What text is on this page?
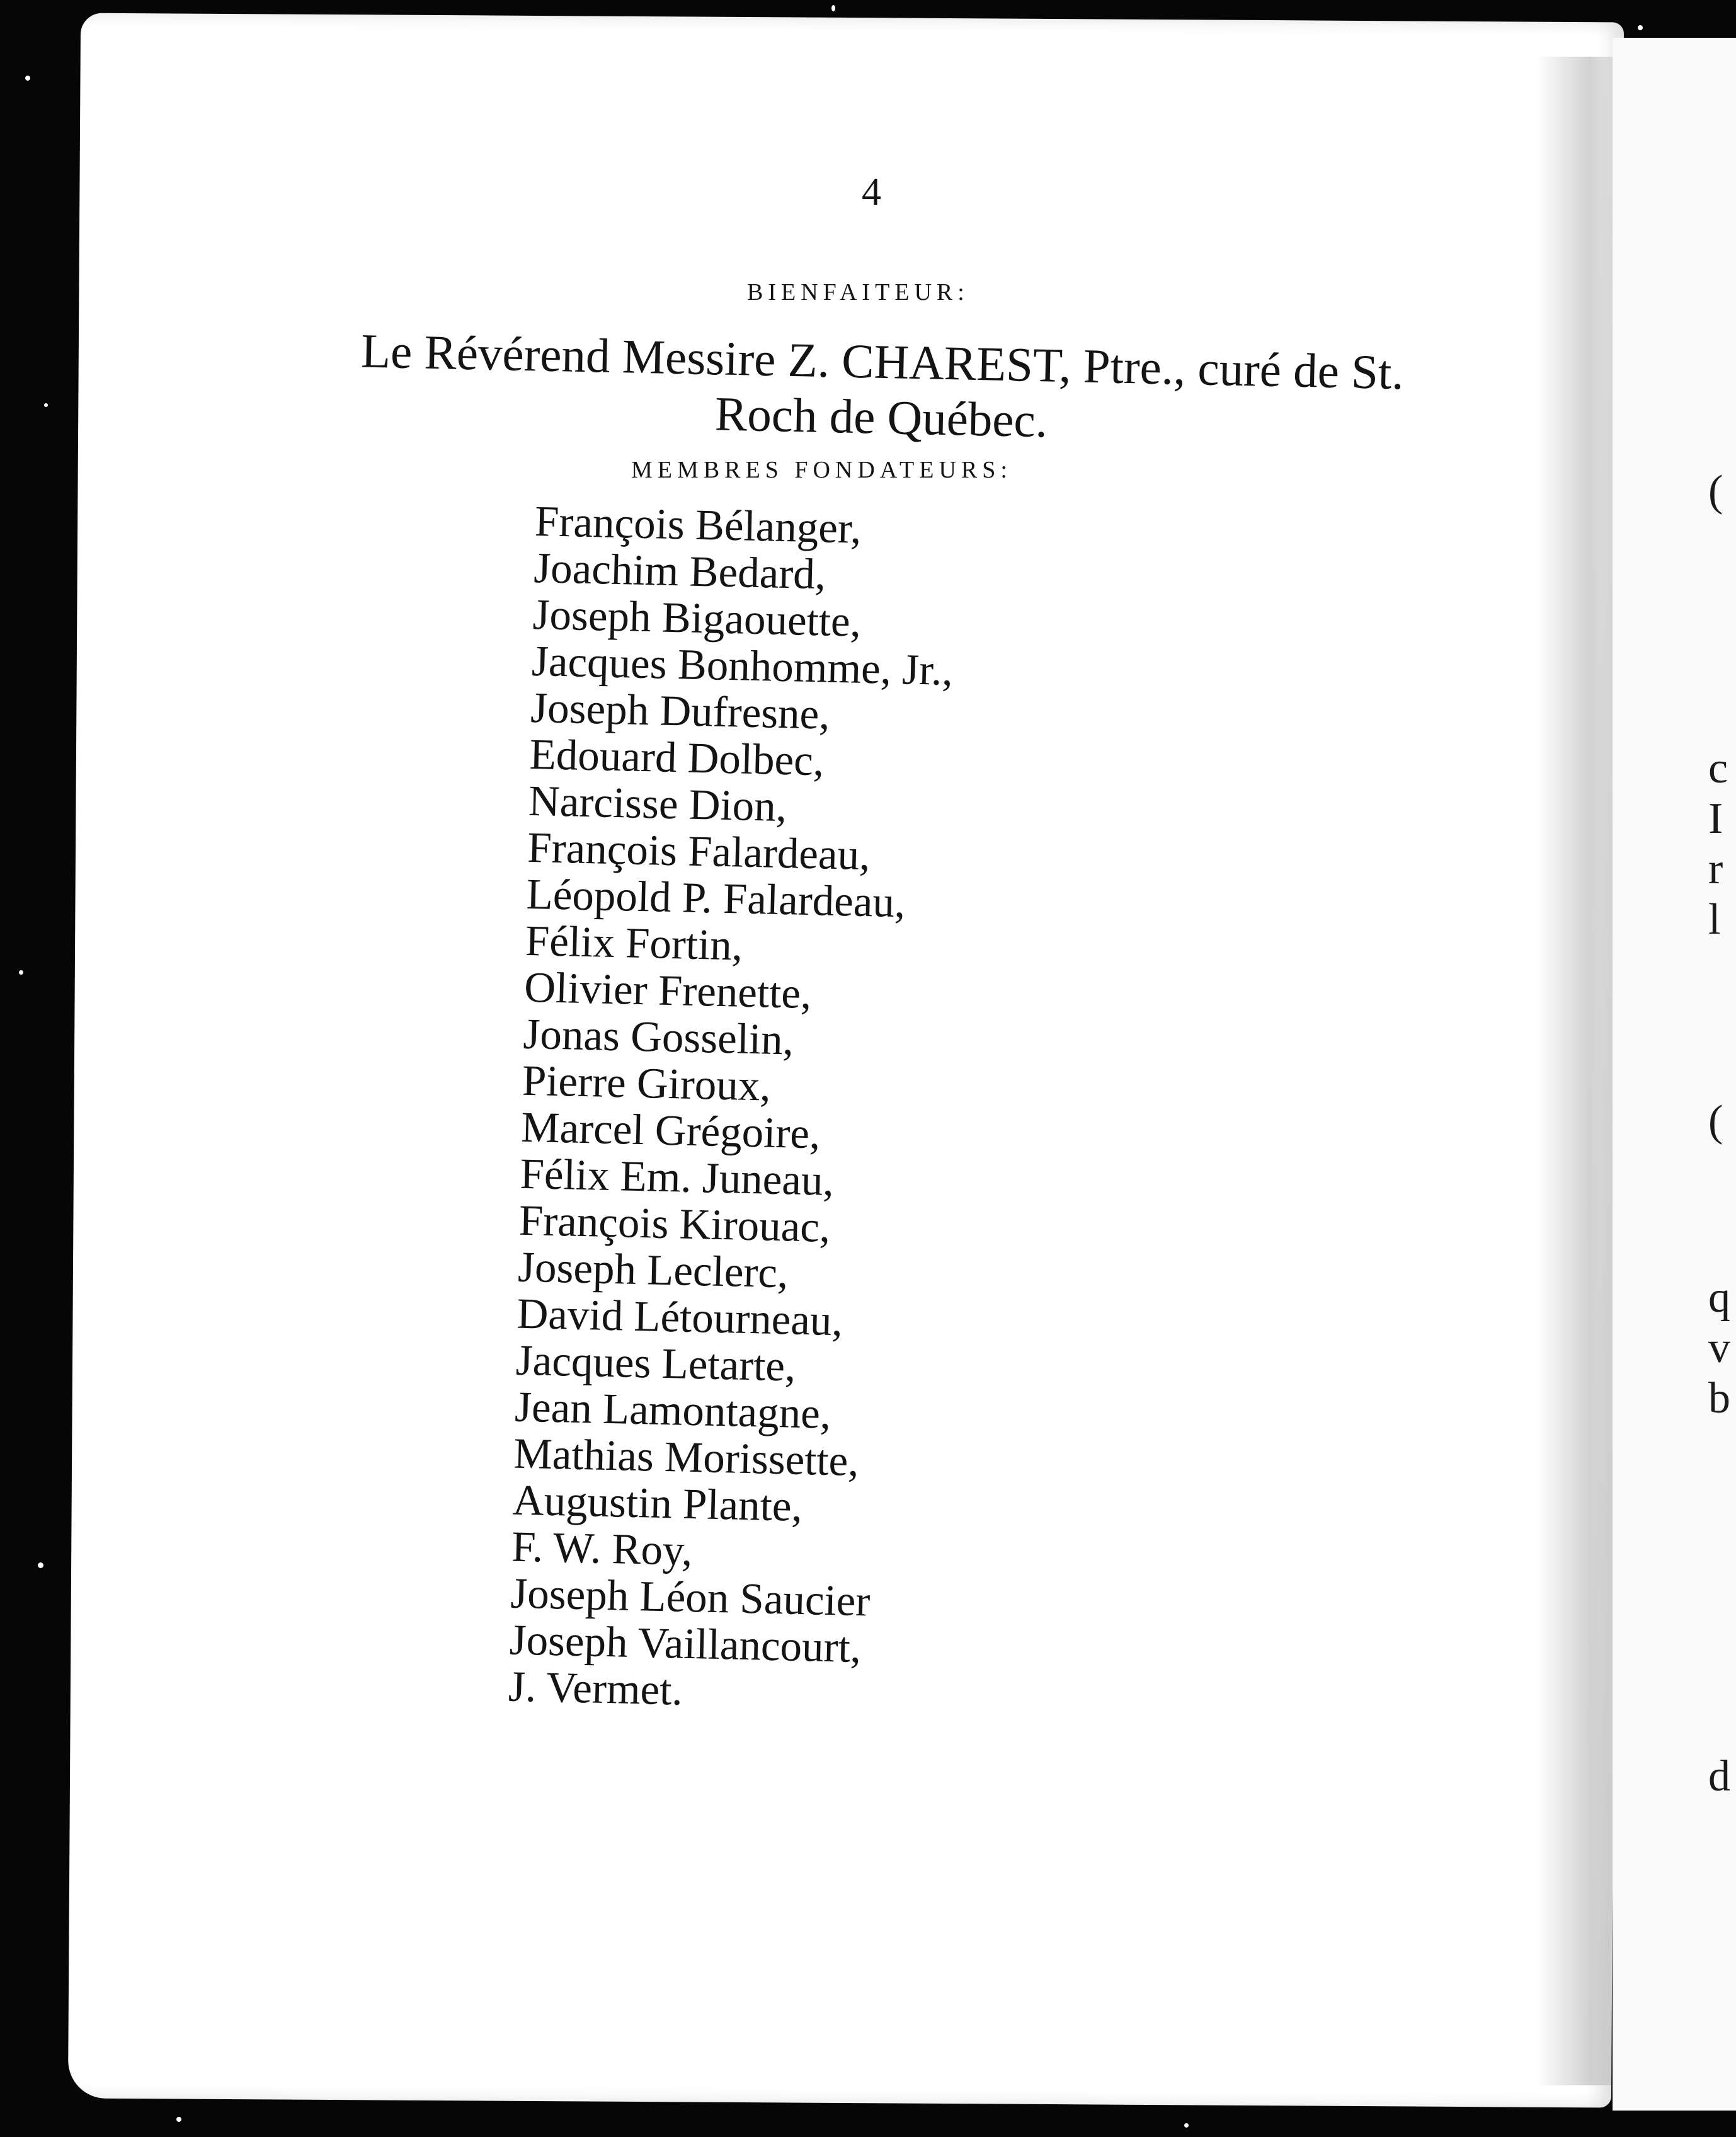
(
c
I
r
l
(
q
v
b
d
4
BIENFAITEUR:
Le Révérend Messire Z. CHAREST, Ptre., curé de St.
Roch de Québec.
MEMBRES FONDATEURS:
François Bélanger,
Joachim Bedard,
Joseph Bigaouette,
Jacques Bonhomme, Jr.,
Joseph Dufresne,
Edouard Dolbec,
Narcisse Dion,
François Falardeau,
Léopold P. Falardeau,
Félix Fortin,
Olivier Frenette,
Jonas Gosselin,
Pierre Giroux,
Marcel Grégoire,
Félix Em. Juneau,
François Kirouac,
Joseph Leclerc,
David Létourneau,
Jacques Letarte,
Jean Lamontagne,
Mathias Morissette,
Augustin Plante,
F. W. Roy,
Joseph Léon Saucier
Joseph Vaillancourt,
J. Vermet.
